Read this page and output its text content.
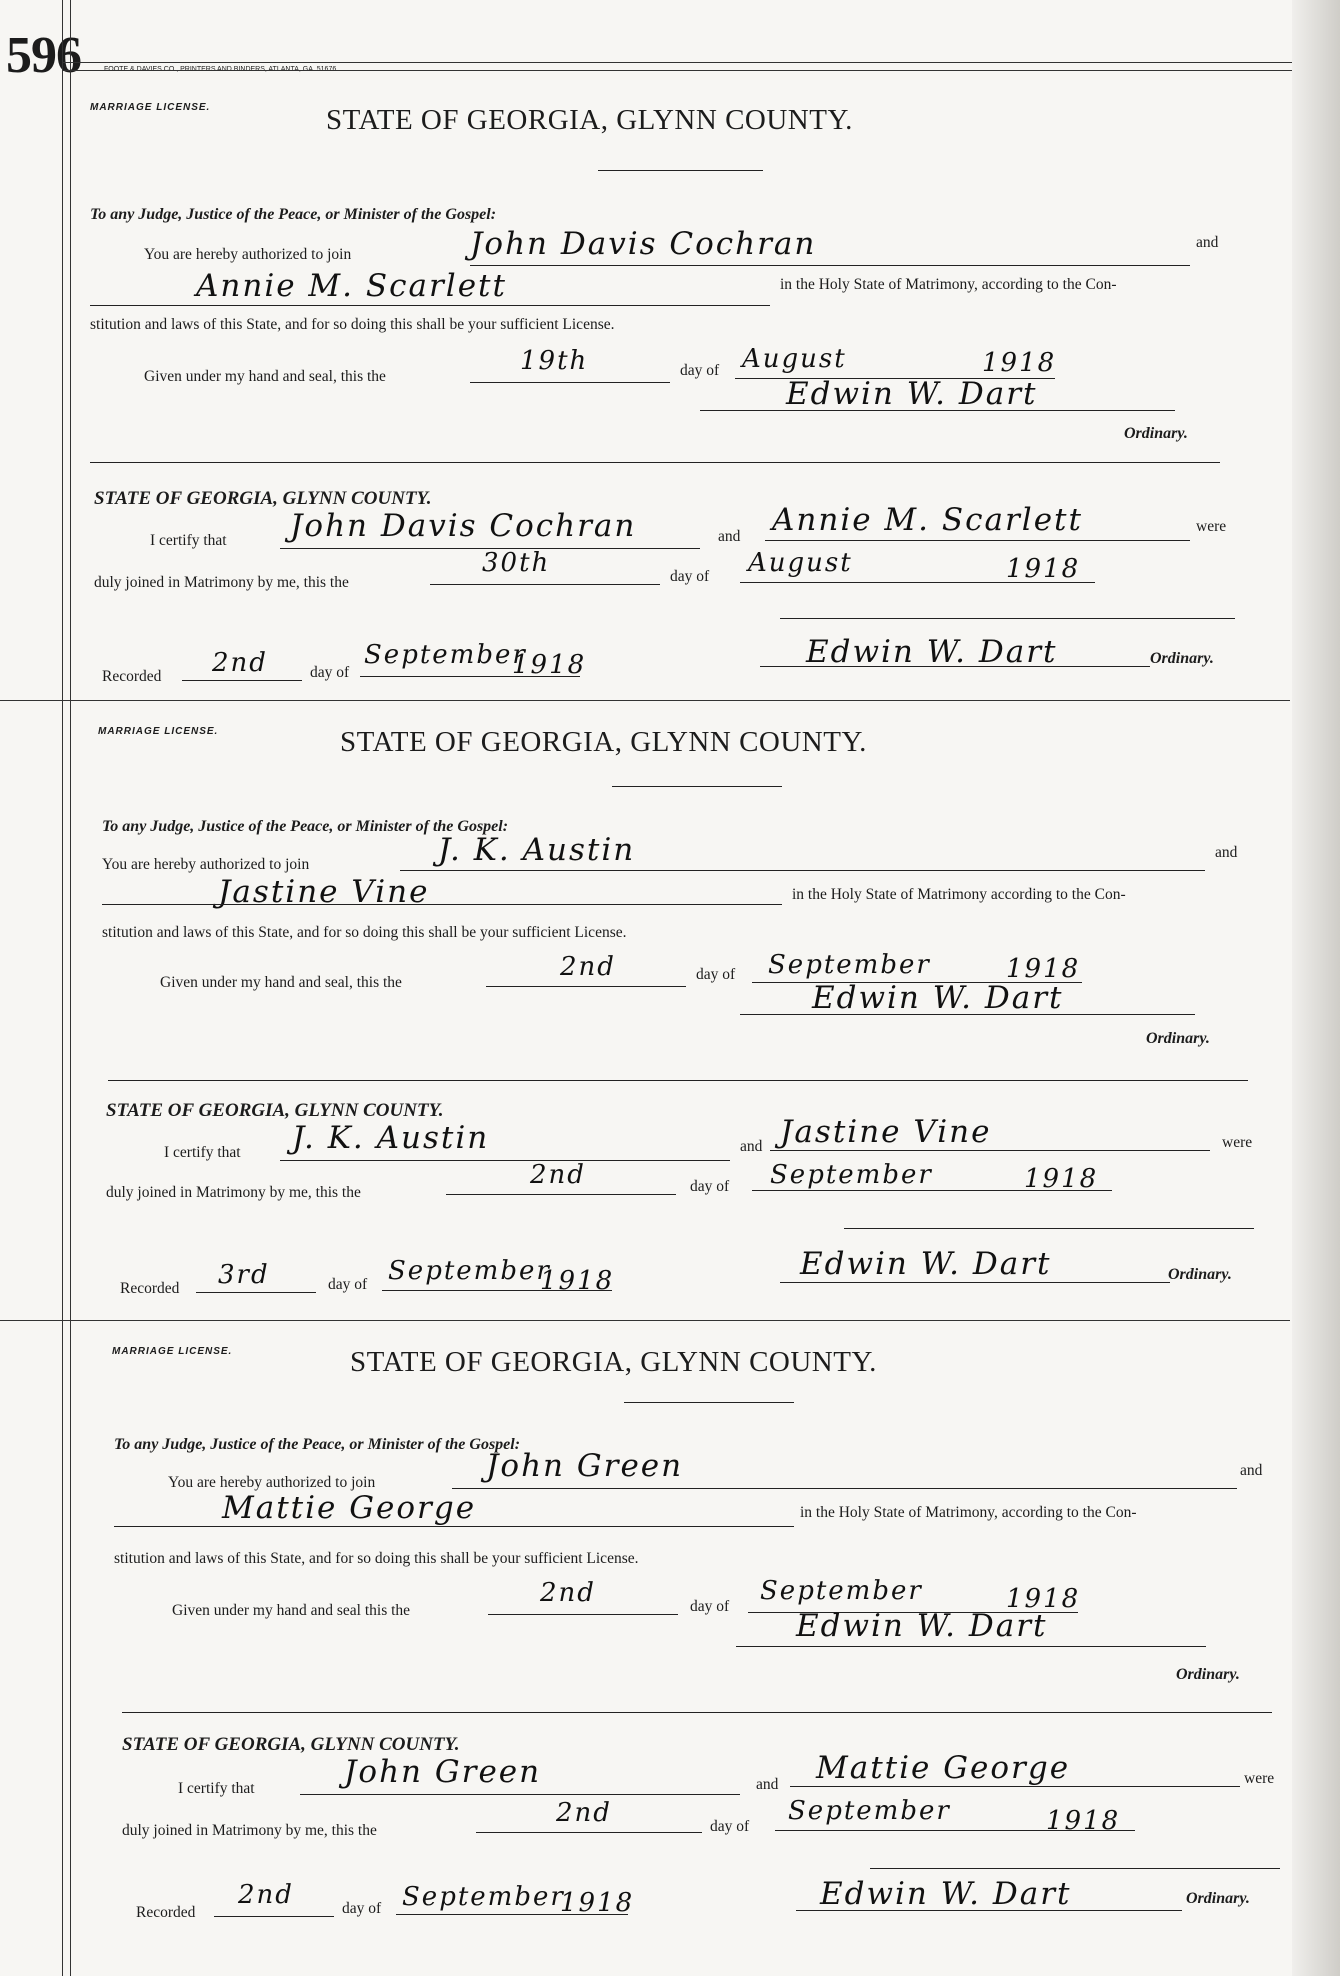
596	FOOTE & DAVIES CO., PRINTERS AND BINDERS, ATLANTA, GA. 51676.
MARRIAGE LICENSE.	STATE OF GEORGIA, GLYNN COUNTY.
To any Judge, Justice of the Peace, or Minister of the Gospel:
You are hereby authorized to join	John Davis Cochran	and
Annie M. Scarlett	in the Holy State of Matrimony, according to the Con-
stitution and laws of this State, and for so doing this shall be your sufficient License.
Given under my hand and seal, this the
19th	day of August	1918
Edwin W. Dart
Ordinary.
STATE OF GEORGIA, GLYNN COUNTY.
I certify that John Davis Cochran	and Annie M. Scarlett	were
duly joined in Matrimony by me, this the
30th	day of August	1918
Recorded 2nd	day of
September
1918	Edwin W. Dart	Ordinary.
MARRIAGE LICENSE.	STATE OF GEORGIA, GLYNN COUNTY.
To any Judge, Justice of the Peace, or Minister of the Gospel:
You are hereby authorized to join	J. K. Austin	and
Jastine Vine	in the Holy State of Matrimony according to the Con-
stitution and laws of this State, and for so doing this shall be your sufficient License.
Given under my hand and seal, this the
2nd	day of September	1918
Edwin W. Dart
Ordinary.
STATE OF GEORGIA, GLYNN COUNTY.
I certify that J. K. Austin	and Jastine Vine	were
duly joined in Matrimony by me, this the
2nd	day of September	1918
Recorded 3rd	day of September
1918	Edwin W. Dart	Ordinary.
MARRIAGE LICENSE.	STATE OF GEORGIA, GLYNN COUNTY.
To any Judge, Justice of the Peace, or Minister of the Gospel:
You are hereby authorized to join	John Green	and
Mattie George	in the Holy State of Matrimony, according to the Con-
stitution and laws of this State, and for so doing this shall be your sufficient License.
Given under my hand and seal this the
2nd	day of
September	1918
Edwin W. Dart
Ordinary.
STATE OF GEORGIA, GLYNN COUNTY.
I certify that	John Green	and Mattie George	were
duly joined in Matrimony by me, this the
2nd	day of
September	1918
Recorded
2nd	day of September
1918	Edwin W. Dart	Ordinary.
